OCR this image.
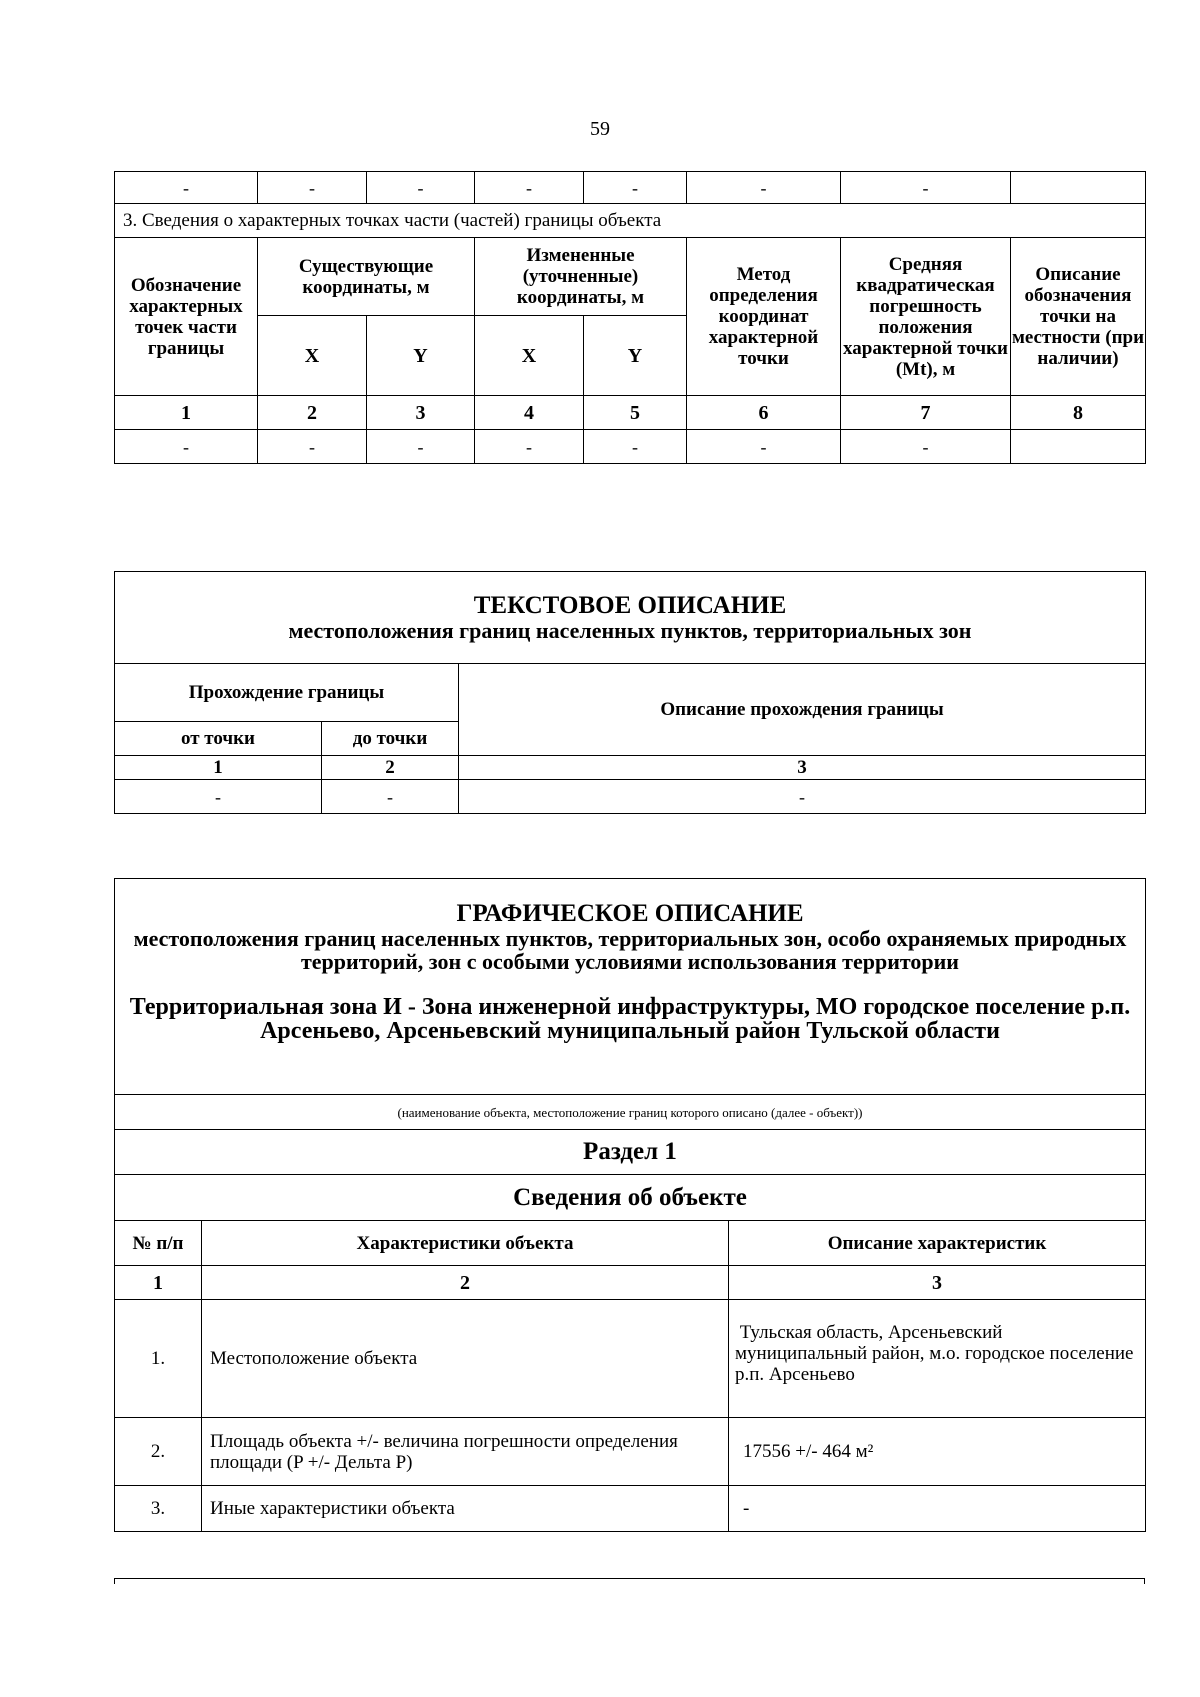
59
-	-	-	-	-	-	-	
3. Сведения о характерных точках части (частей) границы объекта							
Обозначение характерных точек части границы	Существующие координаты, м		Измененные (уточненные) координаты, м		Метод определения координат характерной точки	Средняя квадратическая погрешность положения характерной точки (Mt), м	Описание обозначения точки на местности (при наличии)
	X	Y	X	Y			
1	2	3	4	5	6	7	8
-	-	-	-	-	-	-	
ТЕКСТОВОЕ ОПИСАНИЕ
местоположения границ населенных пунктов, территориальных зон		

Прохождение границы		Описание прохождения границы
от точки	до точки	
1	2	3
-	-	-
ГРАФИЧЕСКОЕ ОПИСАНИЕ
местоположения границ населенных пунктов, территориальных зон, особо охраняемых природных территорий, зон с особыми условиями использования территории
Территориальная зона И - Зона инженерной инфраструктуры, МО городское поселение р.п. Арсеньево, Арсеньевский муниципальный район Тульской области		

(наименование объекта, местоположение границ которого описано (далее - объект))		
Раздел 1		
Сведения об объекте		
№ п/п	Характеристики объекта	Описание характеристик
1	2	3
1.	Местоположение объекта	Тульская область, Арсеньевский муниципальный район, м.о. городское поселение р.п. Арсеньево
2.	Площадь объекта +/- величина погрешности определения площади (P +/- Дельта P)	17556 +/- 464 м²
3.	Иные характеристики объекта	-
